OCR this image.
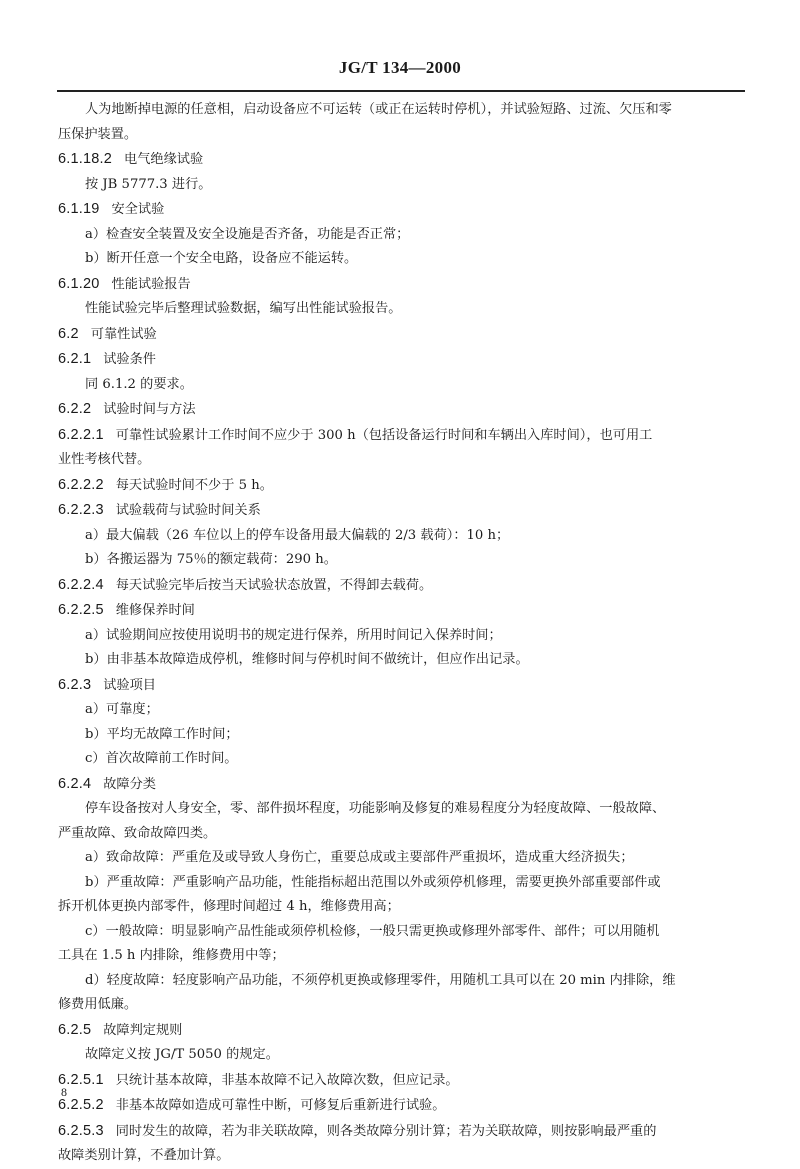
JG/T 134—2000
人为地断掉电源的任意相，启动设备应不可运转（或正在运转时停机），并试验短路、过流、欠压和零
压保护装置。
6.1.18.2 电气绝缘试验
按 JB 5777.3 进行。
6.1.19 安全试验
a）检查安全装置及安全设施是否齐备，功能是否正常；
b）断开任意一个安全电路，设备应不能运转。
6.1.20 性能试验报告
性能试验完毕后整理试验数据，编写出性能试验报告。
6.2 可靠性试验
6.2.1 试验条件
同 6.1.2 的要求。
6.2.2 试验时间与方法
6.2.2.1 可靠性试验累计工作时间不应少于 300 h（包括设备运行时间和车辆出入库时间），也可用工
业性考核代替。
6.2.2.2 每天试验时间不少于 5 h。
6.2.2.3 试验载荷与试验时间关系
a）最大偏载（26 车位以上的停车设备用最大偏载的 2/3 载荷）：10 h；
b）各搬运器为 75％的额定载荷：290 h。
6.2.2.4 每天试验完毕后按当天试验状态放置，不得卸去载荷。
6.2.2.5 维修保养时间
a）试验期间应按使用说明书的规定进行保养，所用时间记入保养时间；
b）由非基本故障造成停机，维修时间与停机时间不做统计，但应作出记录。
6.2.3 试验项目
a）可靠度；
b）平均无故障工作时间；
c）首次故障前工作时间。
6.2.4 故障分类
停车设备按对人身安全，零、部件损坏程度，功能影响及修复的难易程度分为轻度故障、一般故障、
严重故障、致命故障四类。
a）致命故障：严重危及或导致人身伤亡，重要总成或主要部件严重损坏，造成重大经济损失；
b）严重故障：严重影响产品功能，性能指标超出范围以外或须停机修理，需要更换外部重要部件或
拆开机体更换内部零件，修理时间超过 4 h，维修费用高；
c）一般故障：明显影响产品性能或须停机检修，一般只需更换或修理外部零件、部件；可以用随机
工具在 1.5 h 内排除，维修费用中等；
d）轻度故障：轻度影响产品功能，不须停机更换或修理零件，用随机工具可以在 20 min 内排除，维
修费用低廉。
6.2.5 故障判定规则
故障定义按 JG/T 5050 的规定。
6.2.5.1 只统计基本故障，非基本故障不记入故障次数，但应记录。
6.2.5.2 非基本故障如造成可靠性中断，可修复后重新进行试验。
6.2.5.3 同时发生的故障，若为非关联故障，则各类故障分别计算；若为关联故障，则按影响最严重的
故障类别计算，不叠加计算。
8
